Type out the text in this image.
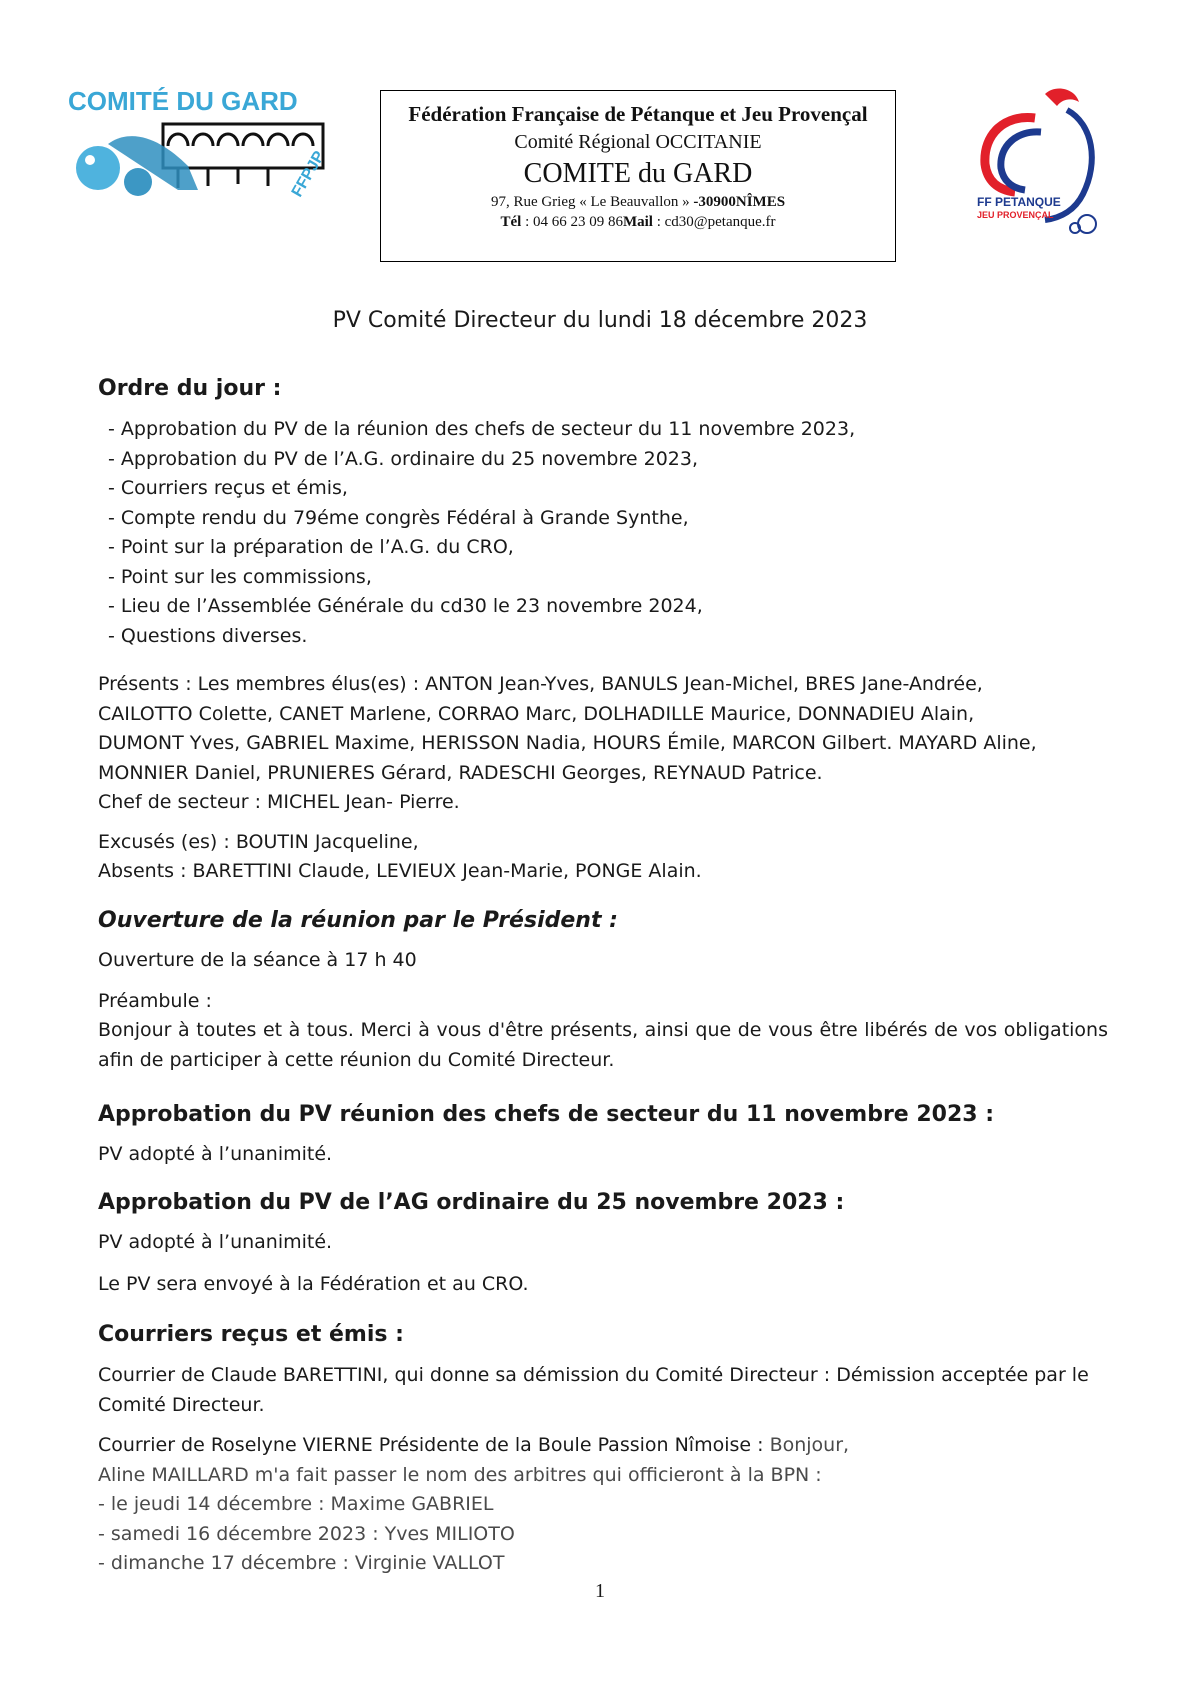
COMITÉ DU GARD
FFPJP
Fédération Française de Pétanque et Jeu Provençal
Comité Régional OCCITANIE
COMITE du GARD
97, Rue Grieg « Le Beauvallon » -30900NÎMES
Tél : 04 66 23 09 86Mail : cd30@petanque.fr
FF PETANQUE
JEU PROVENÇAL
PV Comité Directeur du lundi 18 décembre 2023
Ordre du jour :
- Approbation du PV de la réunion des chefs de secteur du 11 novembre 2023,
- Approbation du PV de l’A.G. ordinaire du 25 novembre 2023,
- Courriers reçus et émis,
- Compte rendu du 79éme congrès Fédéral à Grande Synthe,
- Point sur la préparation de l’A.G. du CRO,
- Point sur les commissions,
- Lieu de l’Assemblée Générale du cd30 le 23 novembre 2024,
- Questions diverses.

Présents : Les membres élus(es) : ANTON Jean-Yves, BANULS Jean-Michel, BRES Jane-Andrée,

CAILOTTO Colette, CANET Marlene, CORRAO Marc, DOLHADILLE Maurice, DONNADIEU Alain,

DUMONT Yves, GABRIEL Maxime, HERISSON Nadia, HOURS Émile, MARCON Gilbert. MAYARD Aline,

MONNIER Daniel, PRUNIERES Gérard, RADESCHI Georges, REYNAUD Patrice.

Chef de secteur : MICHEL Jean- Pierre.

Excusés (es) : BOUTIN Jacqueline,

Absents : BARETTINI Claude, LEVIEUX Jean-Marie, PONGE Alain.

Ouverture de la réunion par le Président :

Ouverture de la séance à 17 h 40

Préambule :

Bonjour à toutes et à tous. Merci à vous d'être présents, ainsi que de vous être libérés de vos obligations afin de participer à cette réunion du Comité Directeur.

Approbation du PV réunion des chefs de secteur du 11 novembre 2023 :

PV adopté à l’unanimité.

Approbation du PV de l’AG ordinaire du 25 novembre 2023 :

PV adopté à l’unanimité.

Le PV sera envoyé à la Fédération et au CRO.

Courriers reçus et émis :

Courrier de Claude BARETTINI, qui donne sa démission du Comité Directeur : Démission acceptée par le Comité Directeur.

Courrier de Roselyne VIERNE Présidente de la Boule Passion Nîmoise : Bonjour,

Aline MAILLARD m'a fait passer le nom des arbitres qui officieront à la BPN :

- le jeudi 14 décembre : Maxime GABRIEL

- samedi 16 décembre 2023 : Yves MILIOTO

- dimanche 17 décembre : Virginie VALLOT

1
